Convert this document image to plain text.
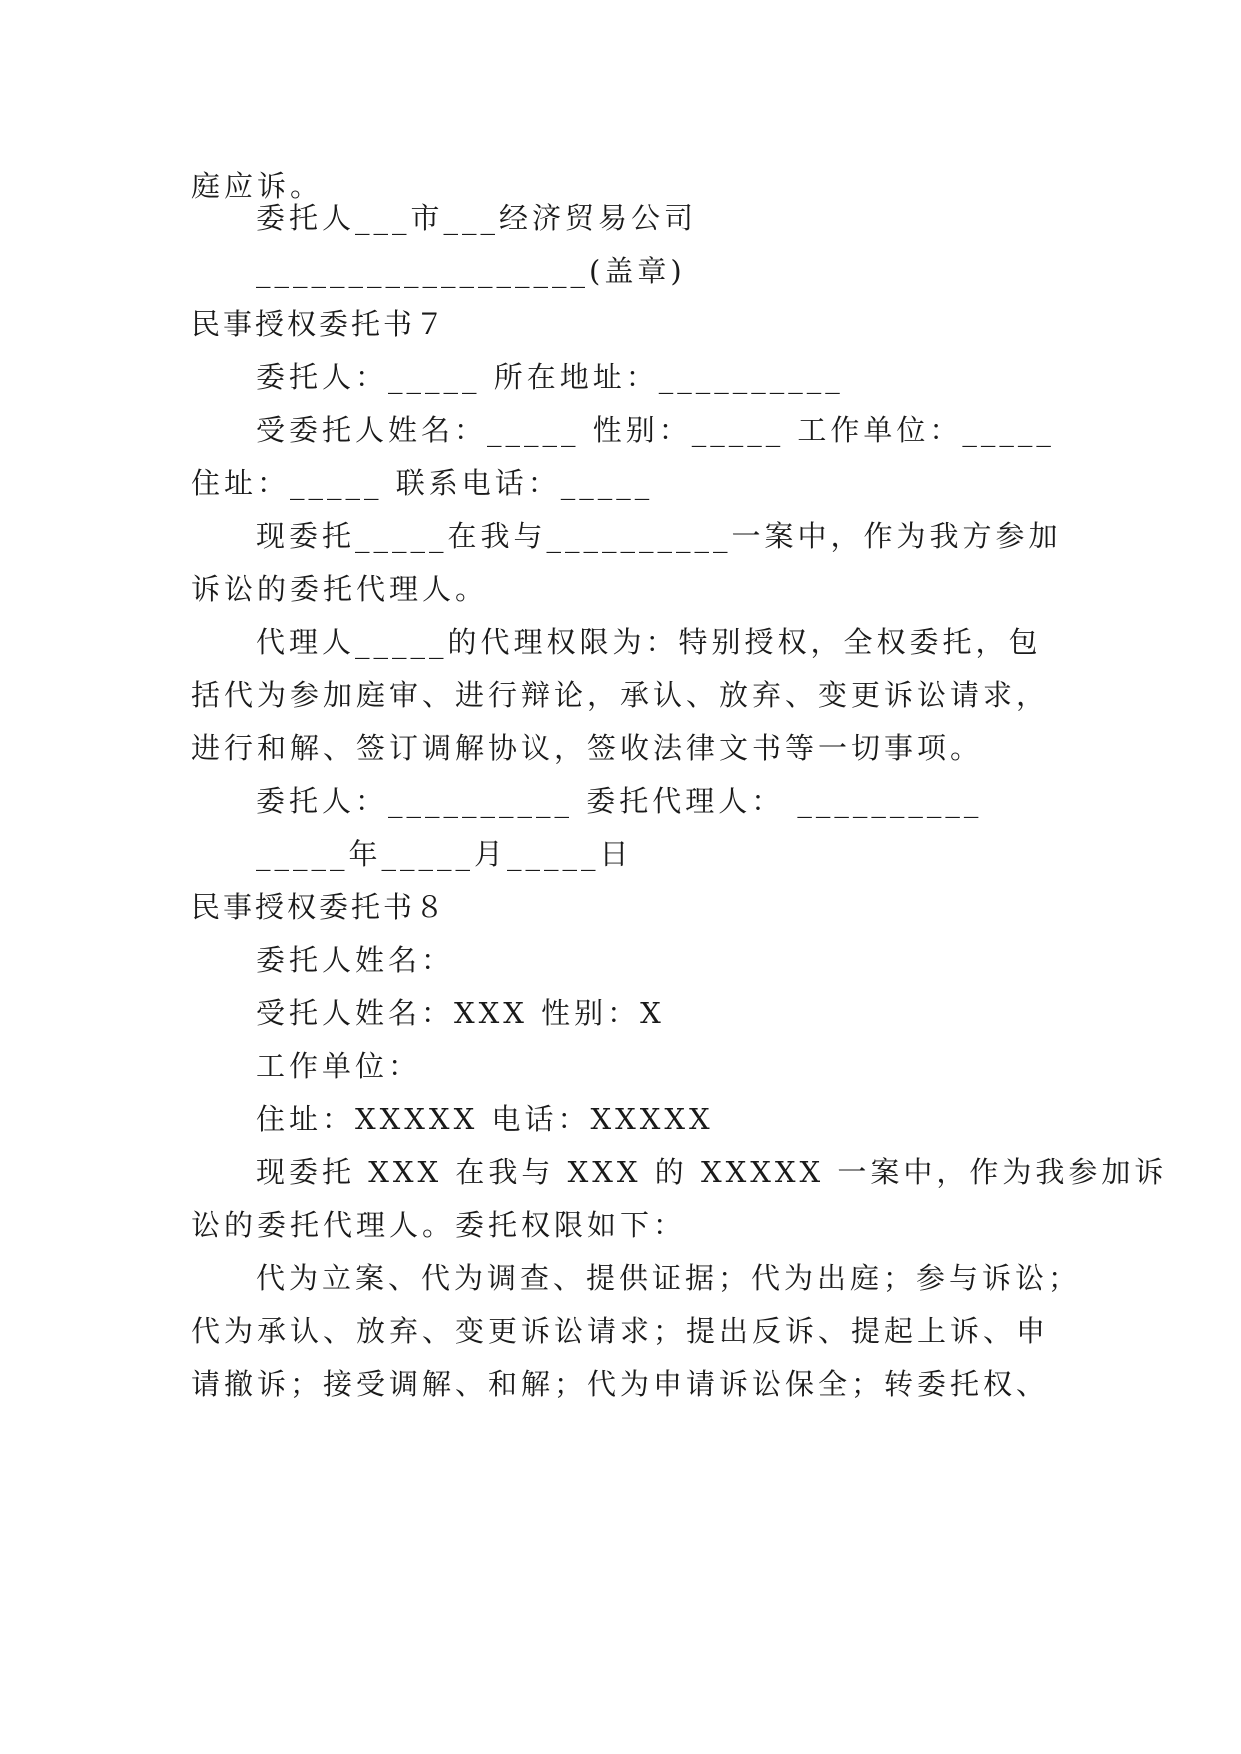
庭应诉。
委托人___市___经济贸易公司
__________________(盖章)
民事授权委托书７
委托人：_____ 所在地址：__________
受委托人姓名：_____ 性别：_____ 工作单位：_____
住址：_____ 联系电话：_____
现委托_____在我与__________一案中，作为我方参加
诉讼的委托代理人。
代理人_____的代理权限为：特别授权，全权委托，包
括代为参加庭审、进行辩论，承认、放弃、变更诉讼请求，
进行和解、签订调解协议，签收法律文书等一切事项。
委托人：__________ 委托代理人： __________
_____年_____月_____日
民事授权委托书８
委托人姓名：
受托人姓名：XXX 性别：X
工作单位：
住址：XXXXX 电话：XXXXX
现委托 XXX 在我与 XXX 的 XXXXX 一案中，作为我参加诉
讼的委托代理人。委托权限如下：
代为立案、代为调查、提供证据；代为出庭；参与诉讼；
代为承认、放弃、变更诉讼请求；提出反诉、提起上诉、申
请撤诉；接受调解、和解；代为申请诉讼保全；转委托权、
